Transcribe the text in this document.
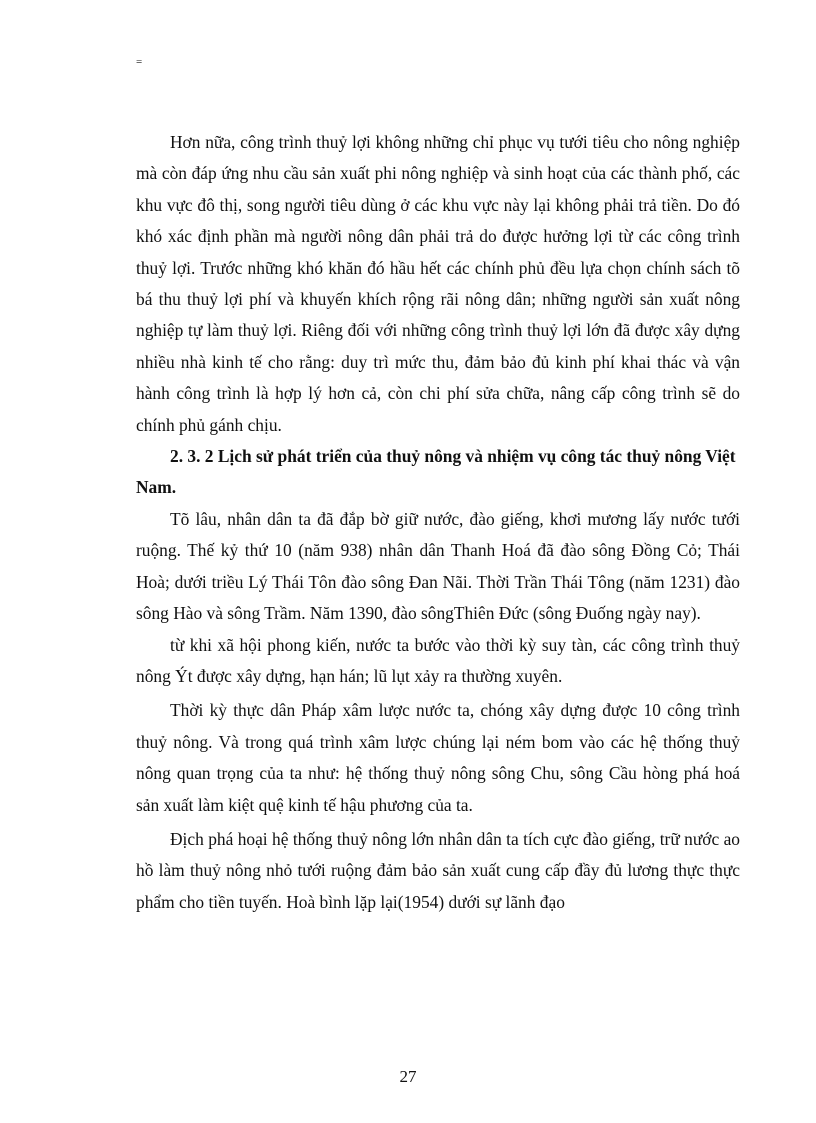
=

Hơn nữa, công trình thuỷ lợi không những chỉ phục vụ tưới tiêu cho nông nghiệp mà còn đáp ứng nhu cầu sản xuất phi nông nghiệp và sinh hoạt của các thành phố, các khu vực đô thị, song người tiêu dùng ở các khu vực này lại không phải trả tiền. Do đó khó xác định phần mà người nông dân phải trả do được hưởng lợi từ các công trình thuỷ lợi. Trước những khó khăn đó hầu hết các chính phủ đều lựa chọn chính sách tõ bá thu thuỷ lợi phí và khuyến khích rộng rãi nông dân; những người sản xuất nông nghiệp tự làm thuỷ lợi. Riêng đối với những công trình thuỷ lợi lớn đã được xây dựng nhiều nhà kinh tế cho rằng: duy trì mức thu, đảm bảo đủ kinh phí khai thác và vận hành công trình là hợp lý hơn cả, còn chi phí sửa chữa, nâng cấp công trình sẽ do chính phủ gánh chịu.

2. 3. 2 Lịch sử phát triển của thuỷ nông và nhiệm vụ công tác thuỷ nông Việt Nam.

Tõ lâu, nhân dân ta đã đắp bờ giữ nước, đào giếng, khơi mương lấy nước tưới ruộng. Thế kỷ thứ 10 (năm 938) nhân dân Thanh Hoá đã đào sông Đồng Cỏ; Thái Hoà; dưới triều Lý Thái Tôn đào sông Đan Nãi. Thời Trần Thái Tông (năm 1231) đào sông Hào và sông Trầm. Năm 1390, đào sôngThiên Đức (sông Đuống ngày nay).

từ khi xã hội phong kiến, nước ta bước vào thời kỳ suy tàn, các công trình thuỷ nông Ýt được xây dựng, hạn hán; lũ lụt xảy ra thường xuyên.

Thời kỳ thực dân Pháp xâm lược nước ta, chóng xây dựng được 10 công trình thuỷ nông. Và trong quá trình xâm lược chúng lại ném bom vào các hệ thống thuỷ nông quan trọng của ta như: hệ thống thuỷ nông sông Chu, sông Cầu hòng phá hoá sản xuất làm kiệt quệ kinh tế hậu phương của ta.

Địch phá hoại hệ thống thuỷ nông lớn nhân dân ta tích cực đào giếng, trữ nước ao hồ làm thuỷ nông nhỏ tưới ruộng đảm bảo sản xuất cung cấp đầy đủ lương thực thực phẩm cho tiền tuyến. Hoà bình lặp lại(1954) dưới sự lãnh đạo

27
